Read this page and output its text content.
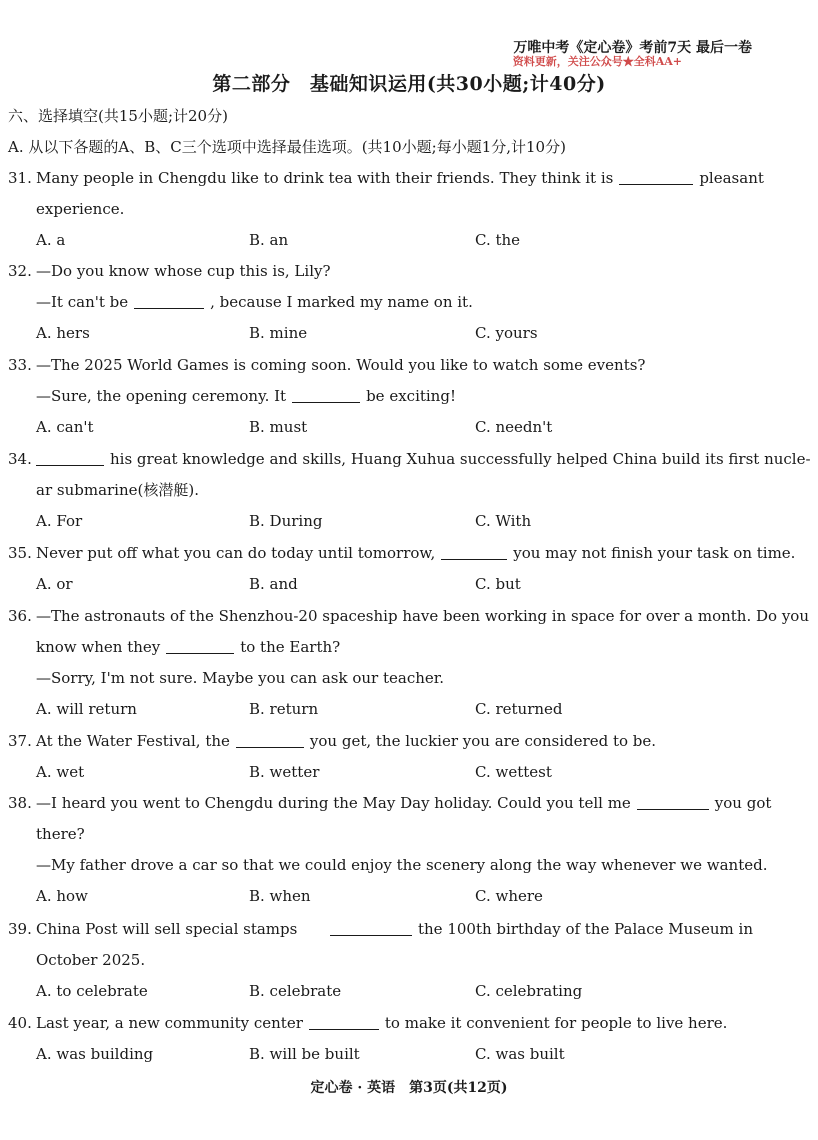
万唯中考《定心卷》考前7天 最后一卷
资料更新，关注公众号★全科AA+
第二部分　基础知识运用(共30小题;计40分)
六、选择填空(共15小题;计20分)
A. 从以下各题的A、B、C三个选项中选择最佳选项。(共10小题;每小题1分,计10分)
31. Many people in Chengdu like to drink tea with their friends. They think it is	pleasant
experience.
A. a	B. an	C. the
32. —Do you know whose cup this is, Lily?
—It can't be	, because I marked my name on it.
A. hers	B. mine	C. yours
33. —The 2025 World Games is coming soon. Would you like to watch some events?
—Sure, the opening ceremony. It	be exciting!
A. can't	B. must	C. needn't
34.	his great knowledge and skills, Huang Xuhua successfully helped China build its first nucle-
ar submarine(核潜艇).
A. For	B. During	C. With
35. Never put off what you can do today until tomorrow,	you may not finish your task on time.
A. or	B. and	C. but
36. —The astronauts of the Shenzhou-20 spaceship have been working in space for over a month. Do you
know when they	to the Earth?
—Sorry, I'm not sure. Maybe you can ask our teacher.
A. will return	B. return	C. returned
37. At the Water Festival, the	you get, the luckier you are considered to be.
A. wet	B. wetter	C. wettest
38. —I heard you went to Chengdu during the May Day holiday. Could you tell me	you got
there?
—My father drove a car so that we could enjoy the scenery along the way whenever we wanted.
A. how	B. when	C. where
39. China Post will sell special stamps	the 100th birthday of the Palace Museum in
October 2025.
A. to celebrate	B. celebrate	C. celebrating
40. Last year, a new community center	to make it convenient for people to live here.
A. was building	B. will be built	C. was built
定心卷 · 英语　第3页(共12页)
